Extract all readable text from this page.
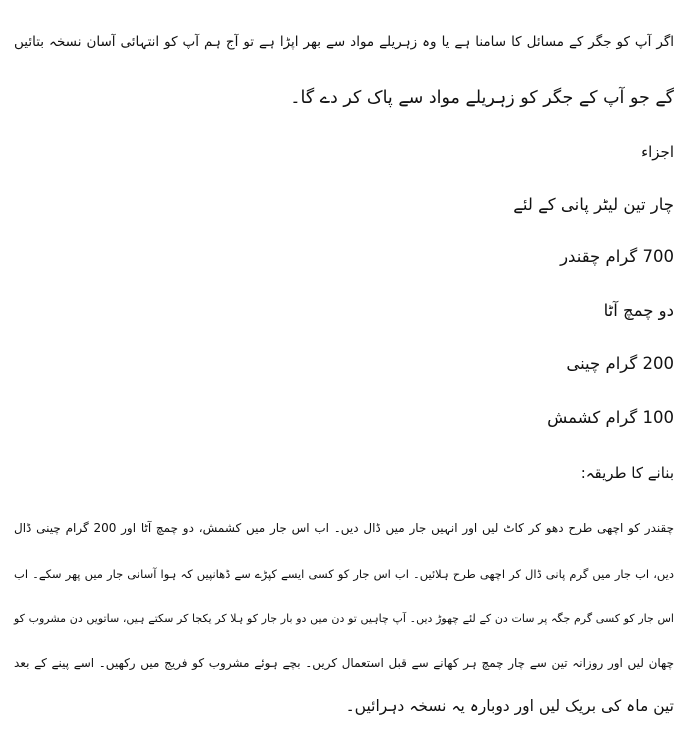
اگر آپ کو جگر کے مسائل کا سامنا ہے یا وہ زہریلے مواد سے بھر اپڑا ہے تو آج ہم آپ کو انتہائی آسان نسخہ بتائیں
گے جو آپ کے جگر کو زہریلے مواد سے پاک کر دے گا۔
اجزاء
چار تین لیٹر پانی کے لئے
700 گرام چقندر
دو چمچ آٹا
200 گرام چینی
100 گرام کشمش
بنانے کا طریقہ:
چقندر کو اچھی طرح دھو کر کاٹ لیں اور انہیں جار میں ڈال دیں۔ اب اس جار میں کشمش، دو چمچ آٹا اور 200 گرام چینی ڈال
دیں، اب جار میں گرم پانی ڈال کر اچھی طرح ہلائیں۔ اب اس جار کو کسی ایسے کپڑے سے ڈھانپیں کہ ہوا آسانی جار میں پھر سکے۔ اب
اس جار کو کسی گرم جگہ پر سات دن کے لئے چھوڑ دیں۔ آپ چاہیں تو دن میں دو بار جار کو ہلا کر یکجا کر سکتے ہیں، ساتویں دن مشروب کو
چھان لیں اور روزانہ تین سے چار چمچ ہر کھانے سے قبل استعمال کریں۔ بچے ہوئے مشروب کو فریج میں رکھیں۔ اسے پینے کے بعد
تین ماہ کی بریک لیں اور دوبارہ یہ نسخہ دہرائیں۔
